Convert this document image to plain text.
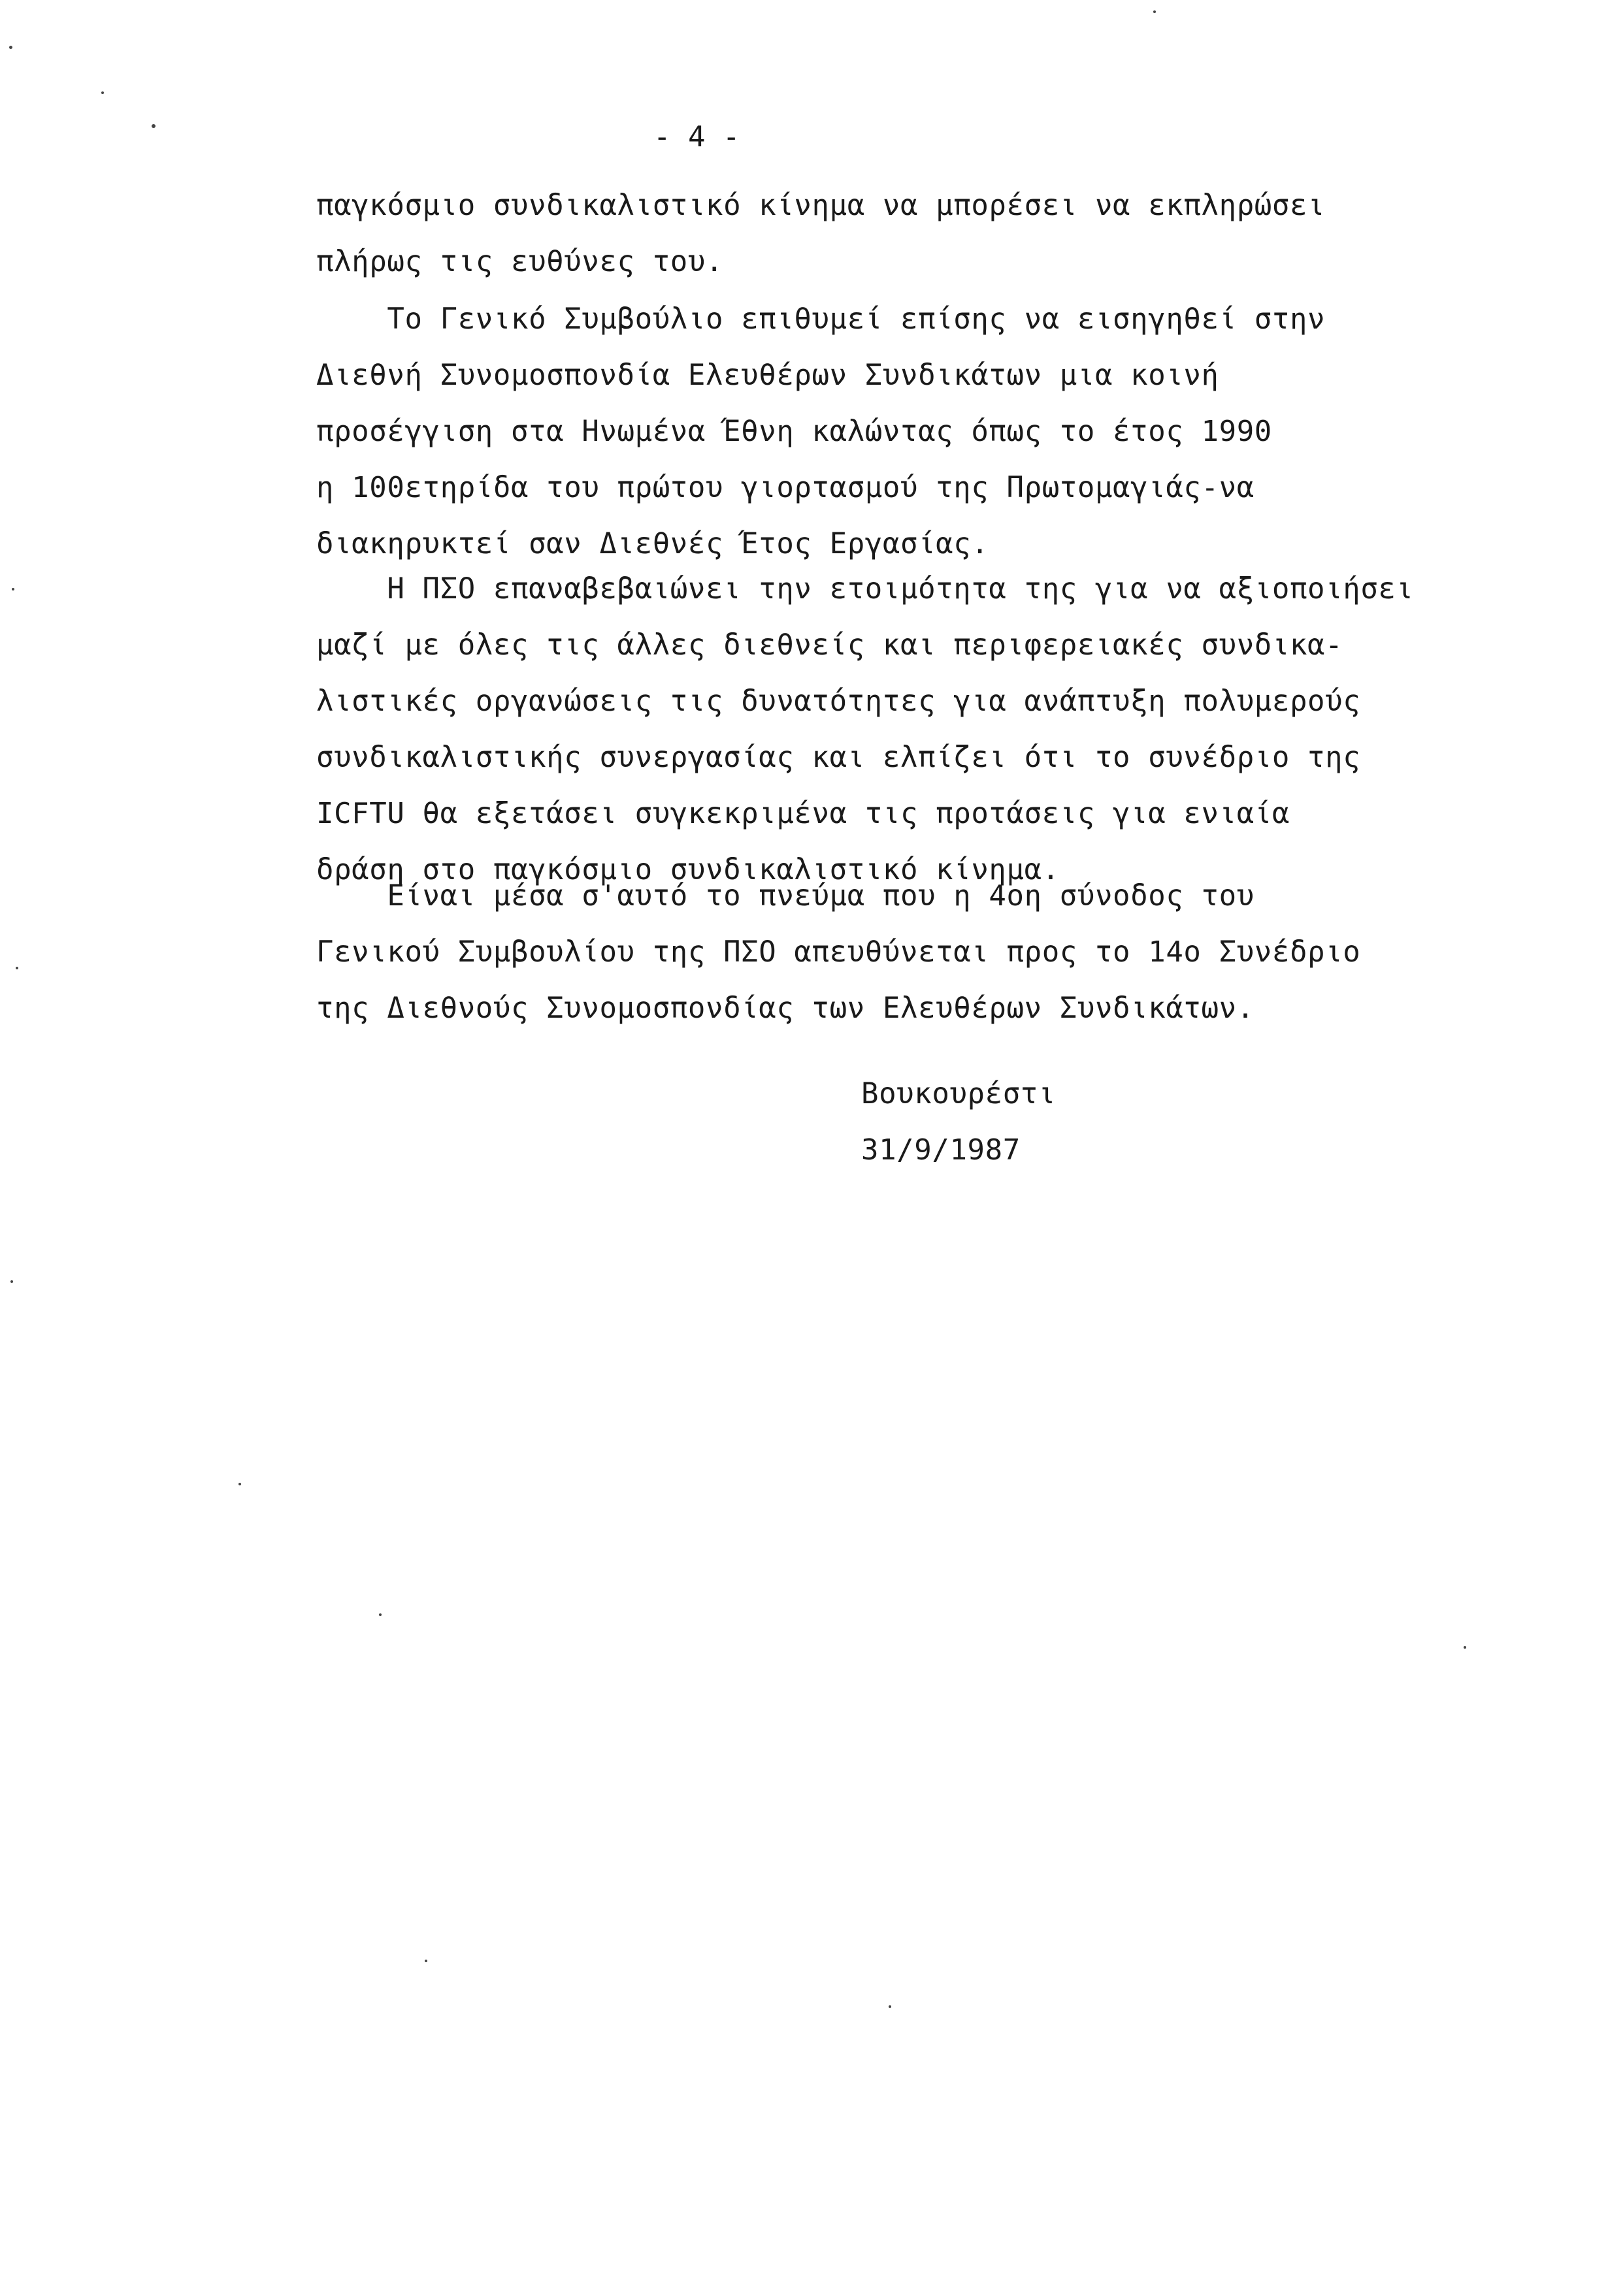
- 4 -
παγκόσμιο συνδικαλιστικό κίνημα να μπορέσει να εκπληρώσει
πλήρως τις ευθύνες του.
Το Γενικό Συμβούλιο επιθυμεί επίσης να εισηγηθεί στην
Διεθνή Συνομοσπονδία Ελευθέρων Συνδικάτων μια κοινή
προσέγγιση στα Ηνωμένα Έθνη καλώντας όπως το έτος 1990
η 100ετηρίδα του πρώτου γιορτασμού της Πρωτομαγιάς-να
διακηρυκτεί σαν Διεθνές Έτος Εργασίας.
Η ΠΣΟ επαναβεβαιώνει την ετοιμότητα της για να αξιοποιήσει
μαζί με όλες τις άλλες διεθνείς και περιφερειακές συνδικα-
λιστικές οργανώσεις τις δυνατότητες για ανάπτυξη πολυμερούς
συνδικαλιστικής συνεργασίας και ελπίζει ότι το συνέδριο της
ICFTU θα εξετάσει συγκεκριμένα τις προτάσεις για ενιαία
δράση στο παγκόσμιο συνδικαλιστικό κίνημα.
Είναι μέσα σ'αυτό το πνεύμα που η 4οη σύνοδος του
Γενικού Συμβουλίου της ΠΣΟ απευθύνεται προς το 14ο Συνέδριο
της Διεθνούς Συνομοσπονδίας των Ελευθέρων Συνδικάτων.
Βουκουρέστι
31/9/1987
